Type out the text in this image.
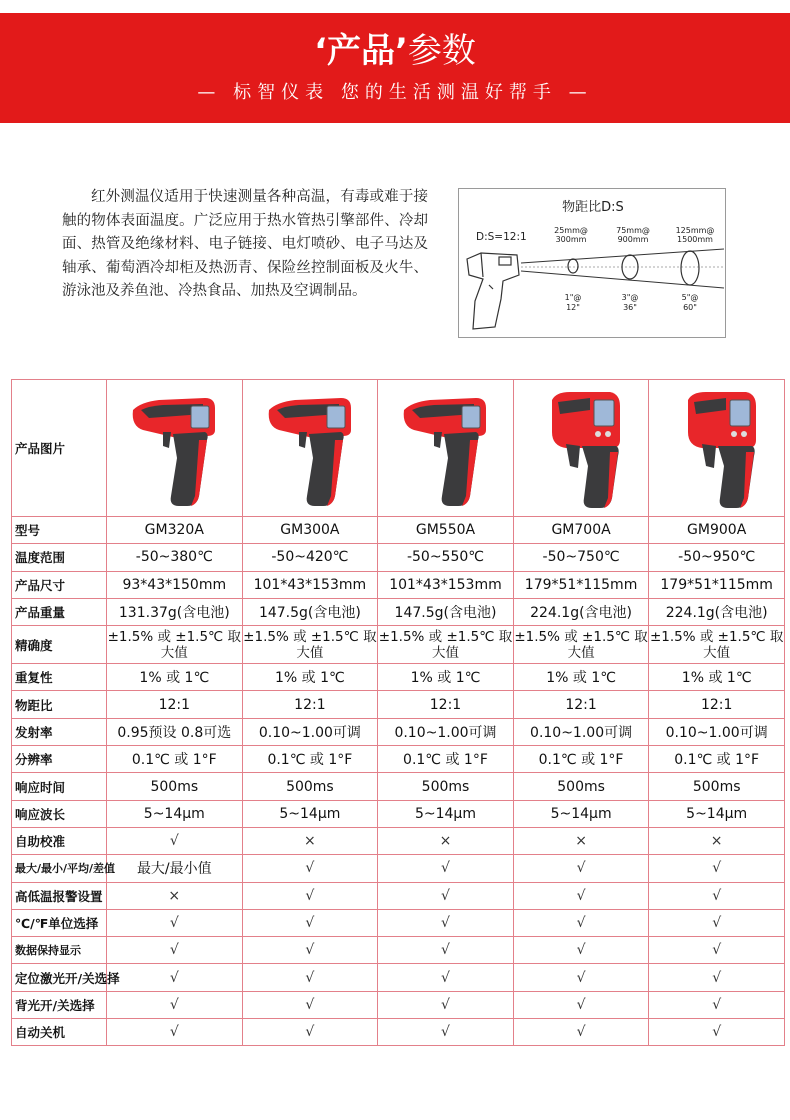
‘产品’参数
— 标智仪表 您的生活测温好帮手 —

红外测温仪适用于快速测量各种高温，有毒或难于接触的物体表面温度。广泛应用于热水管热引擎部件、冷却面、热管及绝缘材料、电子链接、电灯喷砂、电子马达及轴承、葡萄酒冷却柜及热沥青、保险丝控制面板及火牛、游泳池及养鱼池、冷热食品、加热及空调制品。

物距比D:S
D:S=12:1
25mm@
300mm
75mm@
900mm
125mm@
1500mm
1"@
12"
3"@
36"
5"@
60"
产品图片	

型号	GM320A	GM300A	GM550A	GM700A	GM900A
温度范围	-50~380℃	-50~420℃	-50~550℃	-50~750℃	-50~950℃
产品尺寸	93*43*150mm	101*43*153mm	101*43*153mm	179*51*115mm	179*51*115mm
产品重量	131.37g(含电池)	147.5g(含电池)	147.5g(含电池)	224.1g(含电池)	224.1g(含电池)
精确度	±1.5% 或 ±1.5℃ 取大值	±1.5% 或 ±1.5℃ 取大值	±1.5% 或 ±1.5℃ 取大值	±1.5% 或 ±1.5℃ 取大值	±1.5% 或 ±1.5℃ 取大值
重复性	1% 或 1℃	1% 或 1℃	1% 或 1℃	1% 或 1℃	1% 或 1℃
物距比	12:1	12:1	12:1	12:1	12:1
发射率	0.95预设 0.8可选	0.10~1.00可调	0.10~1.00可调	0.10~1.00可调	0.10~1.00可调
分辨率	0.1℃ 或 1°F	0.1℃ 或 1°F	0.1℃ 或 1°F	0.1℃ 或 1°F	0.1℃ 或 1°F
响应时间	500ms	500ms	500ms	500ms	500ms
响应波长	5~14μm	5~14μm	5~14μm	5~14μm	5~14μm
自助校准	√	×	×	×	×
最大/最小/平均/差值	最大/最小值	√	√	√	√
高低温报警设置	×	√	√	√	√
℃/℉单位选择	√	√	√	√	√
数据保持显示	√	√	√	√	√
定位激光开/关选择	√	√	√	√	√
背光开/关选择	√	√	√	√	√
自动关机	√	√	√	√	√
